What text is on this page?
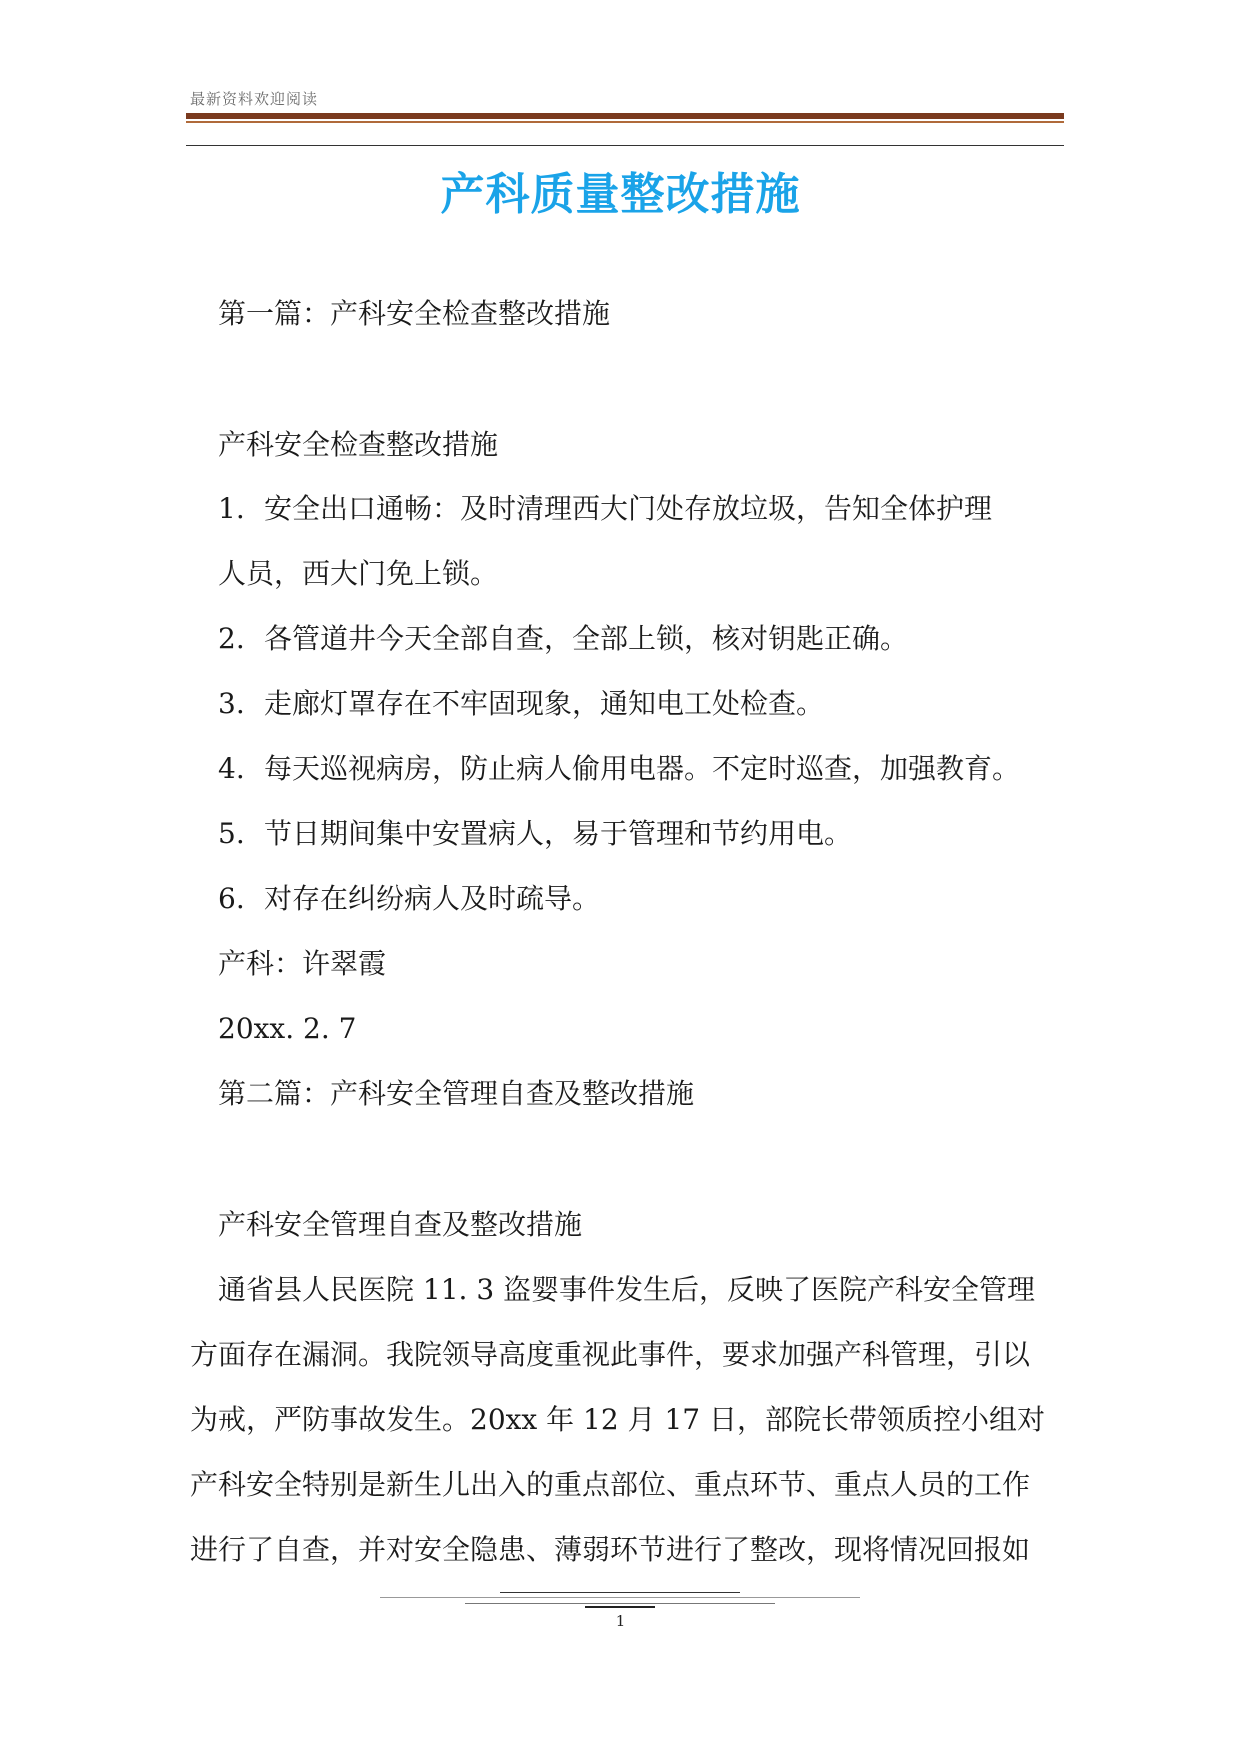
最新资料欢迎阅读
产科质量整改措施
第一篇：产科安全检查整改措施
产科安全检查整改措施
1. 安全出口通畅：及时清理西大门处存放垃圾，告知全体护理
人员，西大门免上锁。
2. 各管道井今天全部自查，全部上锁，核对钥匙正确。
3. 走廊灯罩存在不牢固现象，通知电工处检查。
4. 每天巡视病房，防止病人偷用电器。不定时巡查，加强教育。
5. 节日期间集中安置病人，易于管理和节约用电。
6. 对存在纠纷病人及时疏导。
产科：许翠霞
20xx. 2. 7
第二篇：产科安全管理自查及整改措施
产科安全管理自查及整改措施
通省县人民医院 11. 3 盗婴事件发生后，反映了医院产科安全管理
方面存在漏洞。我院领导高度重视此事件，要求加强产科管理，引以
为戒，严防事故发生。20xx 年 12 月 17 日，部院长带领质控小组对
产科安全特别是新生儿出入的重点部位、重点环节、重点人员的工作
进行了自查，并对安全隐患、薄弱环节进行了整改，现将情况回报如
1
